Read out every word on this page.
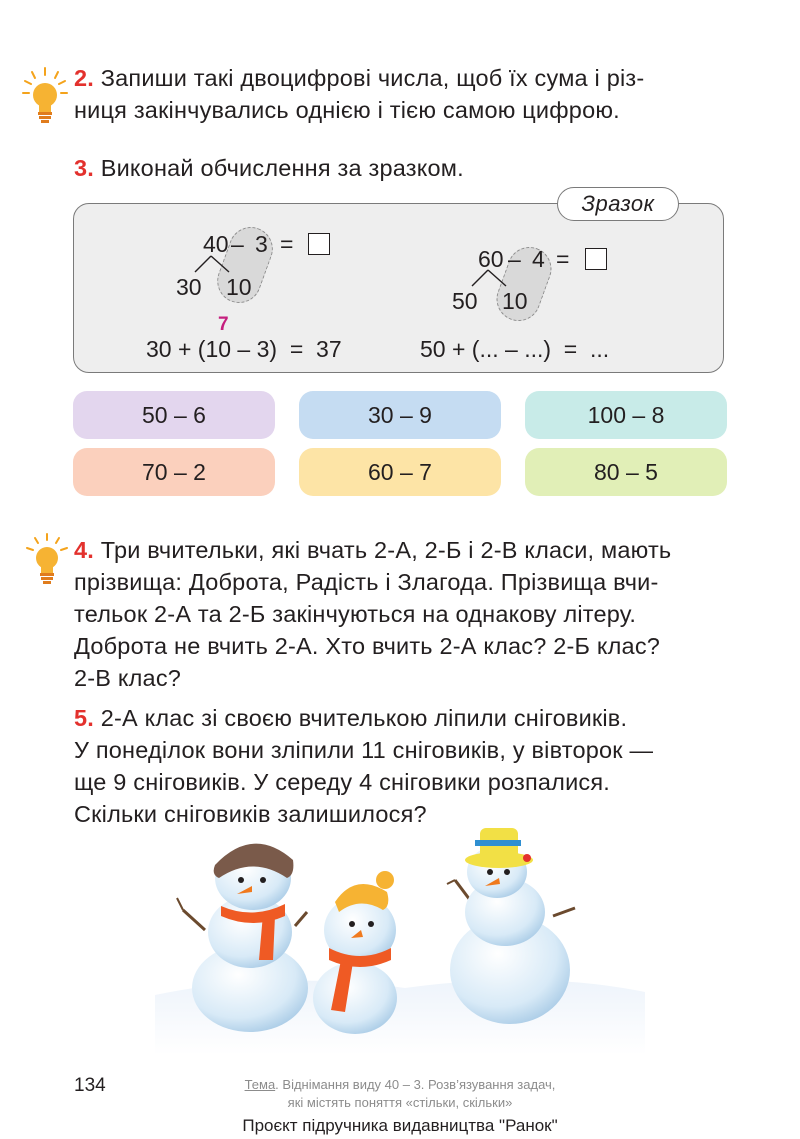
2. Запиши такі двоцифрові числа, щоб їх сума і різ-
ниця закінчувались однією і тією самою цифрою.
3. Виконай обчислення за зразком.
Зразок
40 – 3 =
30 10
7
30 + (10 – 3)  =  37
60 – 4 =
50 10
50 + (... – ...)  =  ...
50 – 6	30 – 9	100 – 8
70 – 2	60 – 7	80 – 5
4. Три вчительки, які вчать 2-А, 2-Б і 2-В класи, мають
прізвища: Доброта, Радість і Злагода. Прізвища вчи-
тельок 2-А та 2-Б закінчуються на однакову літеру.
Доброта не вчить 2-А. Хто вчить 2-А клас? 2-Б клас?
2-В клас?
5. 2-А клас зі своєю вчителькою ліпили сніговиків.
У понеділок вони зліпили 11 сніговиків, у вівторок —
ще 9 сніговиків. У середу 4 сніговики розпалися.
Скільки сніговиків залишилося?
134	Тема. Віднімання виду 40 – 3. Розв’язування задач,
які містять поняття «стільки, скільки»
Проєкт підручника видавництва "Ранок"
